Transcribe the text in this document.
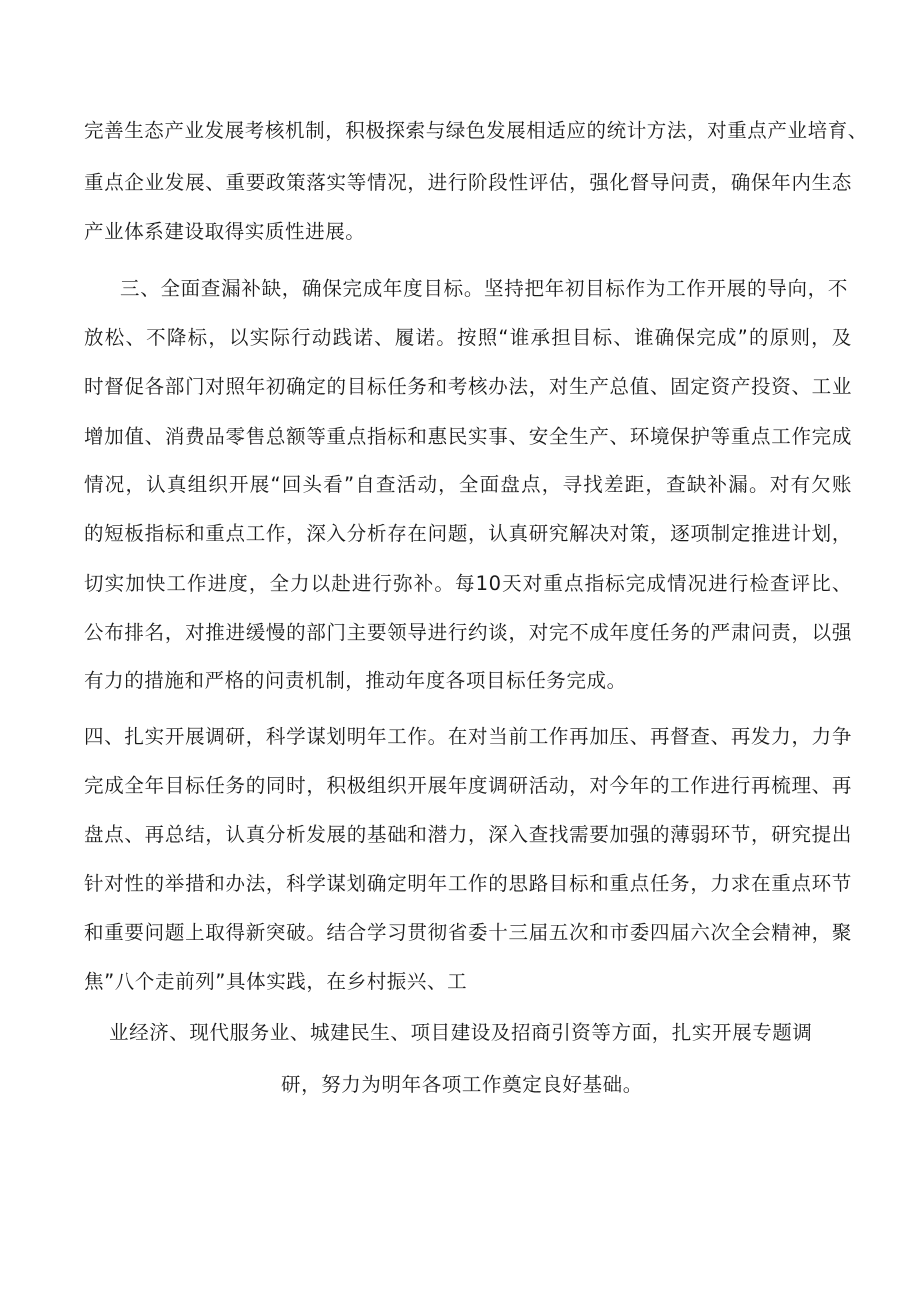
完善生态产业发展考核机制，积极探索与绿色发展相适应的统计方法，对重点产业培育、
重点企业发展、重要政策落实等情况，进行阶段性评估，强化督导问责，确保年内生态
产业体系建设取得实质性进展。
三、全面查漏补缺，确保完成年度目标。坚持把年初目标作为工作开展的导向，不
放松、不降标，以实际行动践诺、履诺。按照“谁承担目标、谁确保完成”的原则，及
时督促各部门对照年初确定的目标任务和考核办法，对生产总值、固定资产投资、工业
增加值、消费品零售总额等重点指标和惠民实事、安全生产、环境保护等重点工作完成
情况，认真组织开展“回头看”自查活动，全面盘点，寻找差距，查缺补漏。对有欠账
的短板指标和重点工作，深入分析存在问题，认真研究解决对策，逐项制定推进计划，
切实加快工作进度，全力以赴进行弥补。每10天对重点指标完成情况进行检查评比、
公布排名，对推进缓慢的部门主要领导进行约谈，对完不成年度任务的严肃问责，以强
有力的措施和严格的问责机制，推动年度各项目标任务完成。
四、扎实开展调研，科学谋划明年工作。在对当前工作再加压、再督查、再发力，力争
完成全年目标任务的同时，积极组织开展年度调研活动，对今年的工作进行再梳理、再
盘点、再总结，认真分析发展的基础和潜力，深入查找需要加强的薄弱环节，研究提出
针对性的举措和办法，科学谋划确定明年工作的思路目标和重点任务，力求在重点环节
和重要问题上取得新突破。结合学习贯彻省委十三届五次和市委四届六次全会精神，聚
焦”八个走前列”具体实践，在乡村振兴、工
业经济、现代服务业、城建民生、项目建设及招商引资等方面，扎实开展专题调
研，努力为明年各项工作奠定良好基础。
